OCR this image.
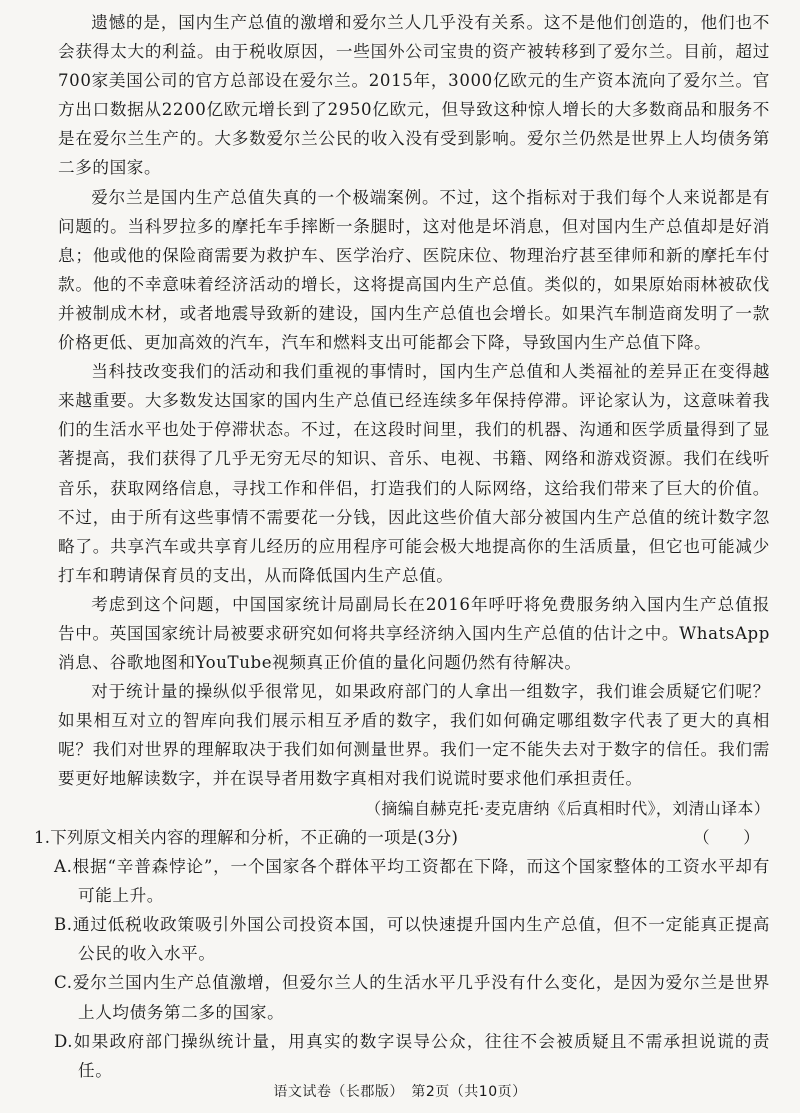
遗憾的是，国内生产总值的激增和爱尔兰人几乎没有关系。这不是他们创造的，他们也不会获得太大的利益。由于税收原因，一些国外公司宝贵的资产被转移到了爱尔兰。目前，超过700家美国公司的官方总部设在爱尔兰。2015年，3000亿欧元的生产资本流向了爱尔兰。官方出口数据从2200亿欧元增长到了2950亿欧元，但导致这种惊人增长的大多数商品和服务不是在爱尔兰生产的。大多数爱尔兰公民的收入没有受到影响。爱尔兰仍然是世界上人均债务第二多的国家。

爱尔兰是国内生产总值失真的一个极端案例。不过，这个指标对于我们每个人来说都是有问题的。当科罗拉多的摩托车手摔断一条腿时，这对他是坏消息，但对国内生产总值却是好消息；他或他的保险商需要为救护车、医学治疗、医院床位、物理治疗甚至律师和新的摩托车付款。他的不幸意味着经济活动的增长，这将提高国内生产总值。类似的，如果原始雨林被砍伐并被制成木材，或者地震导致新的建设，国内生产总值也会增长。如果汽车制造商发明了一款价格更低、更加高效的汽车，汽车和燃料支出可能都会下降，导致国内生产总值下降。

当科技改变我们的活动和我们重视的事情时，国内生产总值和人类福祉的差异正在变得越来越重要。大多数发达国家的国内生产总值已经连续多年保持停滞。评论家认为，这意味着我们的生活水平也处于停滞状态。不过，在这段时间里，我们的机器、沟通和医学质量得到了显著提高，我们获得了几乎无穷无尽的知识、音乐、电视、书籍、网络和游戏资源。我们在线听音乐，获取网络信息，寻找工作和伴侣，打造我们的人际网络，这给我们带来了巨大的价值。不过，由于所有这些事情不需要花一分钱，因此这些价值大部分被国内生产总值的统计数字忽略了。共享汽车或共享育儿经历的应用程序可能会极大地提高你的生活质量，但它也可能减少打车和聘请保育员的支出，从而降低国内生产总值。

考虑到这个问题，中国国家统计局副局长在2016年呼吁将免费服务纳入国内生产总值报告中。英国国家统计局被要求研究如何将共享经济纳入国内生产总值的估计之中。WhatsApp消息、谷歌地图和YouTube视频真正价值的量化问题仍然有待解决。

对于统计量的操纵似乎很常见，如果政府部门的人拿出一组数字，我们谁会质疑它们呢？如果相互对立的智库向我们展示相互矛盾的数字，我们如何确定哪组数字代表了更大的真相呢？我们对世界的理解取决于我们如何测量世界。我们一定不能失去对于数字的信任。我们需要更好地解读数字，并在误导者用数字真相对我们说谎时要求他们承担责任。

（摘编自赫克托·麦克唐纳《后真相时代》，刘清山译本）

1.下列原文相关内容的理解和分析，不正确的一项是(3分)	（　　）

A.根据“辛普森悖论”，一个国家各个群体平均工资都在下降，而这个国家整体的工资水平却有可能上升。

B.通过低税收政策吸引外国公司投资本国，可以快速提升国内生产总值，但不一定能真正提高公民的收入水平。

C.爱尔兰国内生产总值激增，但爱尔兰人的生活水平几乎没有什么变化，是因为爱尔兰是世界上人均债务第二多的国家。

D.如果政府部门操纵统计量，用真实的数字误导公众，往往不会被质疑且不需承担说谎的责任。

语文试卷（长郡版）　第2页（共10页）
